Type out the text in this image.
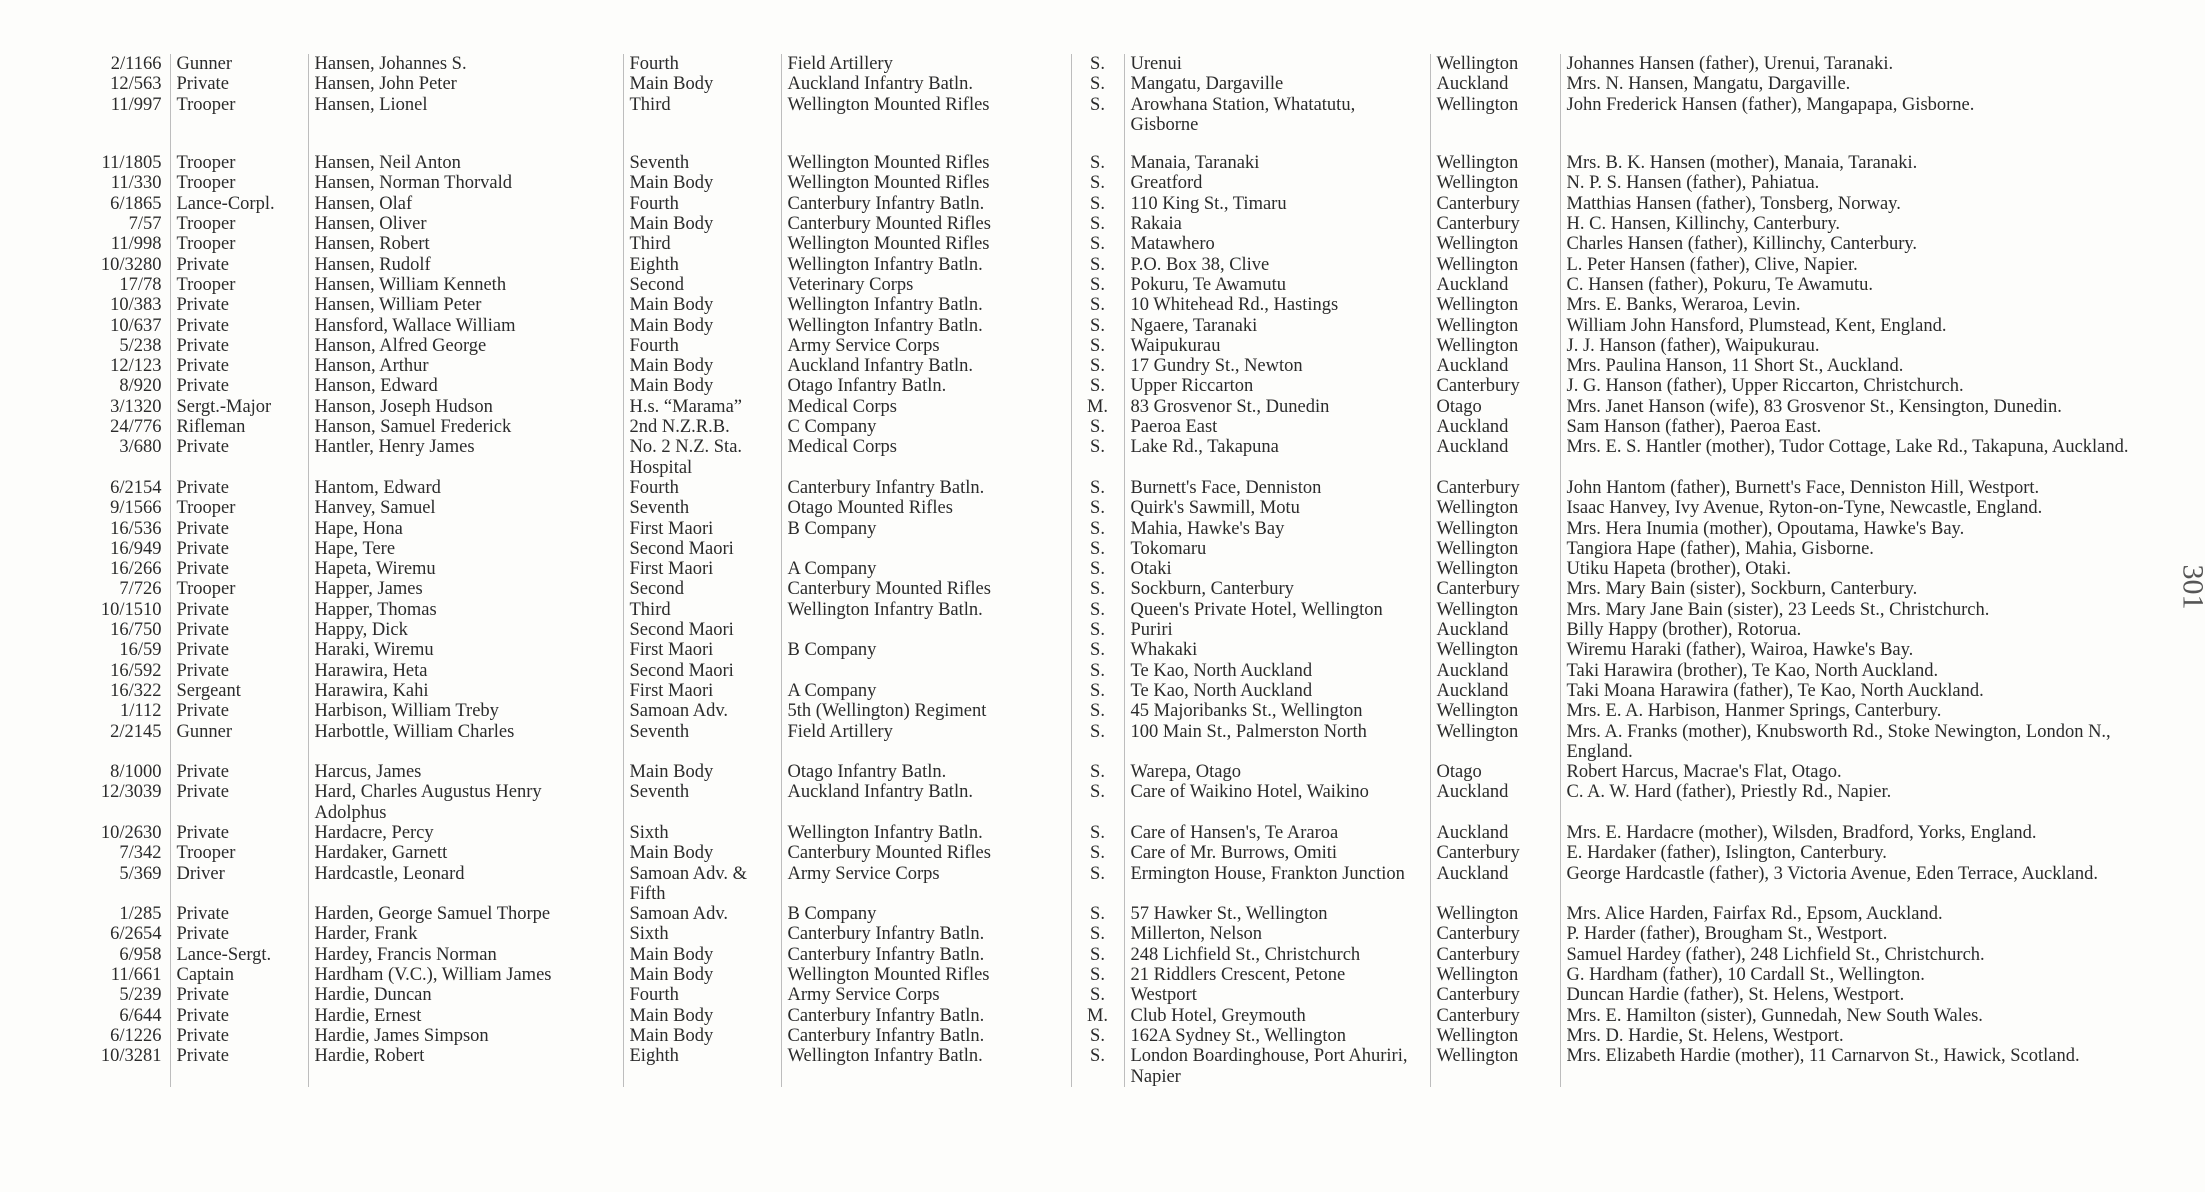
2/1166	Gunner	Hansen, Johannes S.	Fourth	Field Artillery	S.	Urenui	Wellington	Johannes Hansen (father), Urenui, Taranaki.
12/563	Private	Hansen, John Peter	Main Body	Auckland Infantry Batln.	S.	Mangatu, Dargaville	Auckland	Mrs. N. Hansen, Mangatu, Dargaville.
11/997	Trooper	Hansen, Lionel	Third	Wellington Mounted Rifles	S.	Arowhana Station, Whatatutu, Gisborne	Wellington	John Frederick Hansen (father), Mangapapa, Gisborne.

11/1805	Trooper	Hansen, Neil Anton	Seventh	Wellington Mounted Rifles	S.	Manaia, Taranaki	Wellington	Mrs. B. K. Hansen (mother), Manaia, Taranaki.
11/330	Trooper	Hansen, Norman Thorvald	Main Body	Wellington Mounted Rifles	S.	Greatford	Wellington	N. P. S. Hansen (father), Pahiatua.
6/1865	Lance-Corpl.	Hansen, Olaf	Fourth	Canterbury Infantry Batln.	S.	110 King St., Timaru	Canterbury	Matthias Hansen (father), Tonsberg, Norway.
7/57	Trooper	Hansen, Oliver	Main Body	Canterbury Mounted Rifles	S.	Rakaia	Canterbury	H. C. Hansen, Killinchy, Canterbury.
11/998	Trooper	Hansen, Robert	Third	Wellington Mounted Rifles	S.	Matawhero	Wellington	Charles Hansen (father), Killinchy, Canterbury.
10/3280	Private	Hansen, Rudolf	Eighth	Wellington Infantry Batln.	S.	P.O. Box 38, Clive	Wellington	L. Peter Hansen (father), Clive, Napier.
17/78	Trooper	Hansen, William Kenneth	Second	Veterinary Corps	S.	Pokuru, Te Awamutu	Auckland	C. Hansen (father), Pokuru, Te Awamutu.
10/383	Private	Hansen, William Peter	Main Body	Wellington Infantry Batln.	S.	10 Whitehead Rd., Hastings	Wellington	Mrs. E. Banks, Weraroa, Levin.
10/637	Private	Hansford, Wallace William	Main Body	Wellington Infantry Batln.	S.	Ngaere, Taranaki	Wellington	William John Hansford, Plumstead, Kent, England.
5/238	Private	Hanson, Alfred George	Fourth	Army Service Corps	S.	Waipukurau	Wellington	J. J. Hanson (father), Waipukurau.
12/123	Private	Hanson, Arthur	Main Body	Auckland Infantry Batln.	S.	17 Gundry St., Newton	Auckland	Mrs. Paulina Hanson, 11 Short St., Auckland.
8/920	Private	Hanson, Edward	Main Body	Otago Infantry Batln.	S.	Upper Riccarton	Canterbury	J. G. Hanson (father), Upper Riccarton, Christchurch.
3/1320	Sergt.-Major	Hanson, Joseph Hudson	H.s. “Marama”	Medical Corps	M.	83 Grosvenor St., Dunedin	Otago	Mrs. Janet Hanson (wife), 83 Grosvenor St., Kensington, Dunedin.
24/776	Rifleman	Hanson, Samuel Frederick	2nd N.Z.R.B.	C Company	S.	Paeroa East	Auckland	Sam Hanson (father), Paeroa East.
3/680	Private	Hantler, Henry James	No. 2 N.Z. Sta. Hospital	Medical Corps	S.	Lake Rd., Takapuna	Auckland	Mrs. E. S. Hantler (mother), Tudor Cottage, Lake Rd., Takapuna, Auckland.
6/2154	Private	Hantom, Edward	Fourth	Canterbury Infantry Batln.	S.	Burnett's Face, Denniston	Canterbury	John Hantom (father), Burnett's Face, Denniston Hill, Westport.
9/1566	Trooper	Hanvey, Samuel	Seventh	Otago Mounted Rifles	S.	Quirk's Sawmill, Motu	Wellington	Isaac Hanvey, Ivy Avenue, Ryton-on-Tyne, Newcastle, England.
16/536	Private	Hape, Hona	First Maori	B Company	S.	Mahia, Hawke's Bay	Wellington	Mrs. Hera Inumia (mother), Opoutama, Hawke's Bay.
16/949	Private	Hape, Tere	Second Maori		S.	Tokomaru	Wellington	Tangiora Hape (father), Mahia, Gisborne.
16/266	Private	Hapeta, Wiremu	First Maori	A Company	S.	Otaki	Wellington	Utiku Hapeta (brother), Otaki.
7/726	Trooper	Happer, James	Second	Canterbury Mounted Rifles	S.	Sockburn, Canterbury	Canterbury	Mrs. Mary Bain (sister), Sockburn, Canterbury.
10/1510	Private	Happer, Thomas	Third	Wellington Infantry Batln.	S.	Queen's Private Hotel, Wellington	Wellington	Mrs. Mary Jane Bain (sister), 23 Leeds St., Christchurch.
16/750	Private	Happy, Dick	Second Maori		S.	Puriri	Auckland	Billy Happy (brother), Rotorua.
16/59	Private	Haraki, Wiremu	First Maori	B Company	S.	Whakaki	Wellington	Wiremu Haraki (father), Wairoa, Hawke's Bay.
16/592	Private	Harawira, Heta	Second Maori		S.	Te Kao, North Auckland	Auckland	Taki Harawira (brother), Te Kao, North Auckland.
16/322	Sergeant	Harawira, Kahi	First Maori	A Company	S.	Te Kao, North Auckland	Auckland	Taki Moana Harawira (father), Te Kao, North Auckland.
1/112	Private	Harbison, William Treby	Samoan Adv.	5th (Wellington) Regiment	S.	45 Majoribanks St., Wellington	Wellington	Mrs. E. A. Harbison, Hanmer Springs, Canterbury.
2/2145	Gunner	Harbottle, William Charles	Seventh	Field Artillery	S.	100 Main St., Palmerston North	Wellington	Mrs. A. Franks (mother), Knubsworth Rd., Stoke Newington, London N., England.
8/1000	Private	Harcus, James	Main Body	Otago Infantry Batln.	S.	Warepa, Otago	Otago	Robert Harcus, Macrae's Flat, Otago.
12/3039	Private	Hard, Charles Augustus Henry Adolphus	Seventh	Auckland Infantry Batln.	S.	Care of Waikino Hotel, Waikino	Auckland	C. A. W. Hard (father), Priestly Rd., Napier.
10/2630	Private	Hardacre, Percy	Sixth	Wellington Infantry Batln.	S.	Care of Hansen's, Te Araroa	Auckland	Mrs. E. Hardacre (mother), Wilsden, Bradford, Yorks, England.
7/342	Trooper	Hardaker, Garnett	Main Body	Canterbury Mounted Rifles	S.	Care of Mr. Burrows, Omiti	Canterbury	E. Hardaker (father), Islington, Canterbury.
5/369	Driver	Hardcastle, Leonard	Samoan Adv. & Fifth	Army Service Corps	S.	Ermington House, Frankton Junction	Auckland	George Hardcastle (father), 3 Victoria Avenue, Eden Terrace, Auckland.
1/285	Private	Harden, George Samuel Thorpe	Samoan Adv.	B Company	S.	57 Hawker St., Wellington	Wellington	Mrs. Alice Harden, Fairfax Rd., Epsom, Auckland.
6/2654	Private	Harder, Frank	Sixth	Canterbury Infantry Batln.	S.	Millerton, Nelson	Canterbury	P. Harder (father), Brougham St., Westport.
6/958	Lance-Sergt.	Hardey, Francis Norman	Main Body	Canterbury Infantry Batln.	S.	248 Lichfield St., Christchurch	Canterbury	Samuel Hardey (father), 248 Lichfield St., Christchurch.
11/661	Captain	Hardham (V.C.), William James	Main Body	Wellington Mounted Rifles	S.	21 Riddlers Crescent, Petone	Wellington	G. Hardham (father), 10 Cardall St., Wellington.
5/239	Private	Hardie, Duncan	Fourth	Army Service Corps	S.	Westport	Canterbury	Duncan Hardie (father), St. Helens, Westport.
6/644	Private	Hardie, Ernest	Main Body	Canterbury Infantry Batln.	M.	Club Hotel, Greymouth	Canterbury	Mrs. E. Hamilton (sister), Gunnedah, New South Wales.
6/1226	Private	Hardie, James Simpson	Main Body	Canterbury Infantry Batln.	S.	162A Sydney St., Wellington	Wellington	Mrs. D. Hardie, St. Helens, Westport.
10/3281	Private	Hardie, Robert	Eighth	Wellington Infantry Batln.	S.	London Boardinghouse, Port Ahuriri, Napier	Wellington	Mrs. Elizabeth Hardie (mother), 11 Carnarvon St., Hawick, Scotland.
301
